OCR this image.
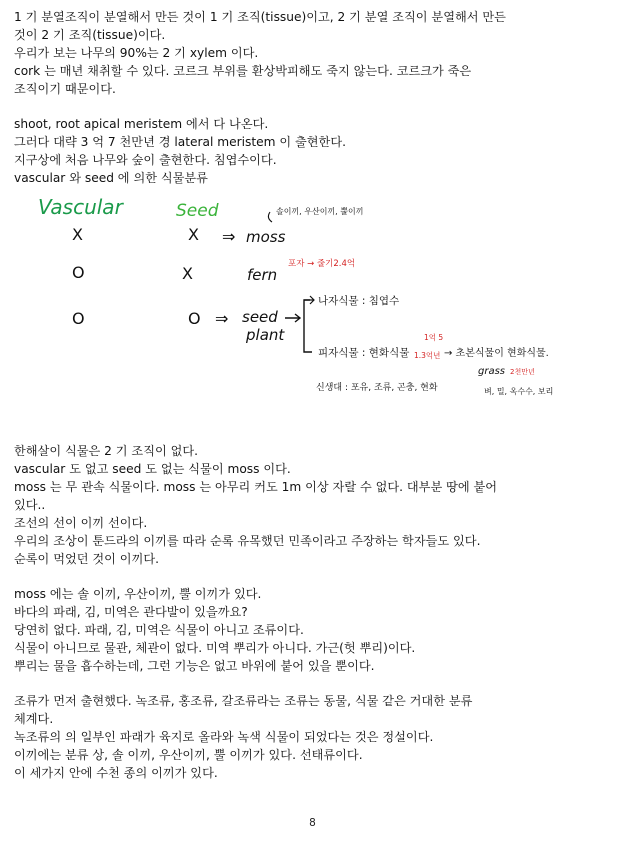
1 기 분열조직이 분열해서 만든 것이 1 기 조직(tissue)이고, 2 기 분열 조직이 분열해서 만든
것이 2 기 조직(tissue)이다.
우리가 보는 나무의 90%는 2 기 xylem 이다.
cork 는 매년 채취할 수 있다. 코르크 부위를 환상박피해도 죽지 않는다. 코르크가 죽은
조직이기 때문이다.
shoot, root apical meristem 에서 다 나온다.
그러다 대략 3 억 7 천만년 경 lateral meristem 이 출현한다.
지구상에 처음 나무와 숲이 출현한다. 침엽수이다.
vascular 와 seed 에 의한 식물분류
Vascular	Seed
X	X ⇒ moss
솔이끼, 우산이끼, 뿔이끼
O	X	fern
포자 → 줄기2.4억
O	O ⇒ seed
plant
나자식물 : 침엽수
피자식물 : 현화식물
1억 5
1.3억년 → 초본식물이 현화식물.
grass 2천만년
신생대 : 포유, 조류, 곤충, 현화	벼, 밀, 옥수수, 보리
한해살이 식물은 2 기 조직이 없다.
vascular 도 없고 seed 도 없는 식물이 moss 이다.
moss 는 무 관속 식물이다. moss 는 아무리 커도 1m 이상 자랄 수 없다. 대부분 땅에 붙어
있다..
조선의 선이 이끼 선이다.
우리의 조상이 툰드라의 이끼를 따라 순록 유목했던 민족이라고 주장하는 학자들도 있다.
순록이 먹었던 것이 이끼다.
moss 에는 솔 이끼, 우산이끼, 뿔 이끼가 있다.
바다의 파래, 김, 미역은 관다발이 있을까요?
당연히 없다. 파래, 김, 미역은 식물이 아니고 조류이다.
식물이 아니므로 물관, 체관이 없다. 미역 뿌리가 아니다. 가근(헛 뿌리)이다.
뿌리는 물을 흡수하는데, 그런 기능은 없고 바위에 붙어 있을 뿐이다.
조류가 먼저 출현했다. 녹조류, 홍조류, 갈조류라는 조류는 동물, 식물 같은 거대한 분류
체계다.
녹조류의 의 일부인 파래가 육지로 올라와 녹색 식물이 되었다는 것은 정설이다.
이끼에는 분류 상, 솔 이끼, 우산이끼, 뿔 이끼가 있다. 선태류이다.
이 세가지 안에 수천 종의 이끼가 있다.
8
